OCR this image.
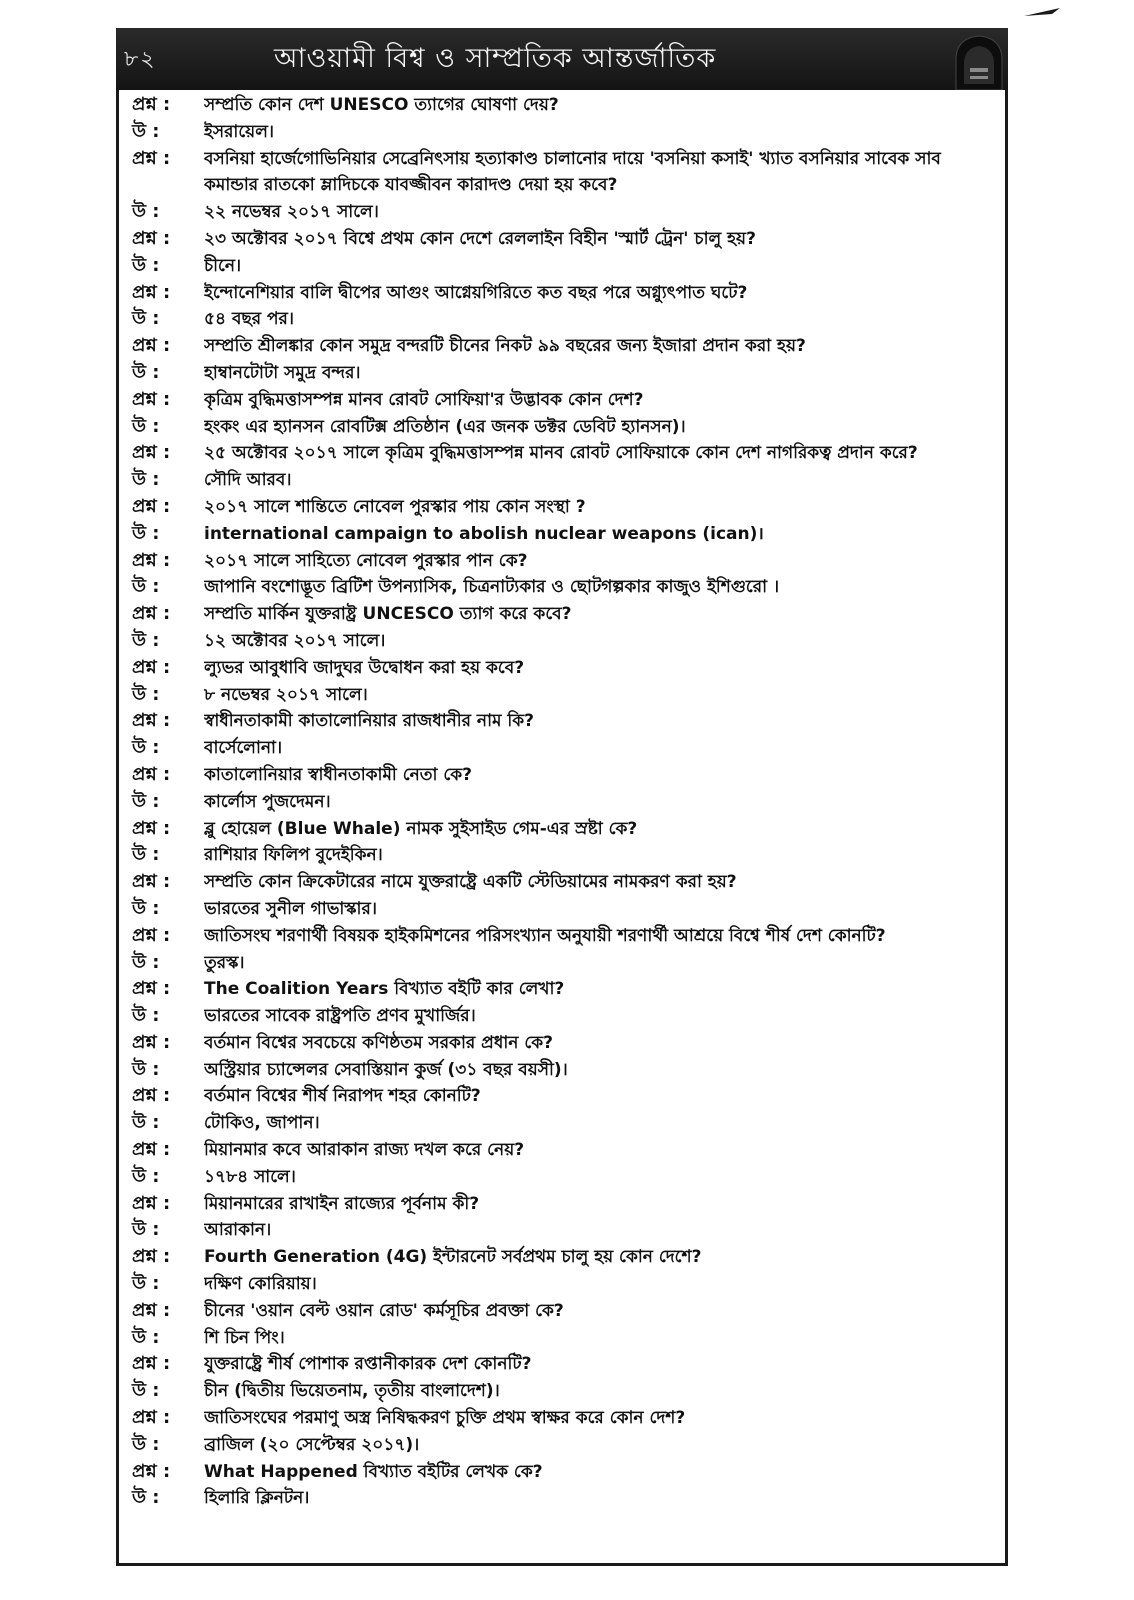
৮২	আওয়ামী বিশ্ব ও সাম্প্রতিক আন্তর্জাতিক
প্রশ্ন :	সম্প্রতি কোন দেশ UNESCO ত্যাগের ঘোষণা দেয়?
উ :	ইসরায়েল।
প্রশ্ন :	বসনিয়া হার্জেগোভিনিয়ার সেব্রেনিৎসায় হত্যাকাণ্ড চালানোর দায়ে 'বসনিয়া কসাই' খ্যাত বসনিয়ার সাবেক সাব কমান্ডার রাতকো ম্লাদিচকে যাবজ্জীবন কারাদণ্ড দেয়া হয় কবে?
উ :	২২ নভেম্বর ২০১৭ সালে।
প্রশ্ন :	২৩ অক্টোবর ২০১৭ বিশ্বে প্রথম কোন দেশে রেললাইন বিহীন 'স্মার্ট ট্রেন' চালু হয়?
উ :	চীনে।
প্রশ্ন :	ইন্দোনেশিয়ার বালি দ্বীপের আগুং আগ্নেয়গিরিতে কত বছর পরে অগ্ন্যুৎপাত ঘটে?
উ :	৫৪ বছর পর।
প্রশ্ন :	সম্প্রতি শ্রীলঙ্কার কোন সমুদ্র বন্দরটি চীনের নিকট ৯৯ বছরের জন্য ইজারা প্রদান করা হয়?
উ :	হাম্বানটোটা সমুদ্র বন্দর।
প্রশ্ন :	কৃত্রিম বুদ্ধিমত্তাসম্পন্ন মানব রোবট সোফিয়া'র উদ্ভাবক কোন দেশ?
উ :	হংকং এর হ্যানসন রোবটিক্স প্রতিষ্ঠান (এর জনক ডক্টর ডেবিট হ্যানসন)।
প্রশ্ন :	২৫ অক্টোবর ২০১৭ সালে কৃত্রিম বুদ্ধিমত্তাসম্পন্ন মানব রোবট সোফিয়াকে কোন দেশ নাগরিকত্ব প্রদান করে?
উ :	সৌদি আরব।
প্রশ্ন :	২০১৭ সালে শান্তিতে নোবেল পুরস্কার পায় কোন সংস্থা ?
উ :	international campaign to abolish nuclear weapons (ican)।
প্রশ্ন :	২০১৭ সালে সাহিত্যে নোবেল পুরস্কার পান কে?
উ :	জাপানি বংশোদ্ভূত ব্রিটিশ উপন্যাসিক, চিত্রনাট্যকার ও ছোটগল্পকার কাজুও ইশিগুরো ।
প্রশ্ন :	সম্প্রতি মার্কিন যুক্তরাষ্ট্র UNCESCO ত্যাগ করে কবে?
উ :	১২ অক্টোবর ২০১৭ সালে।
প্রশ্ন :	ল্যুভর আবুধাবি জাদুঘর উদ্বোধন করা হয় কবে?
উ :	৮ নভেম্বর ২০১৭ সালে।
প্রশ্ন :	স্বাধীনতাকামী কাতালোনিয়ার রাজধানীর নাম কি?
উ :	বার্সেলোনা।
প্রশ্ন :	কাতালোনিয়ার স্বাধীনতাকামী নেতা কে?
উ :	কার্লোস পুজদেমন।
প্রশ্ন :	ব্লু হোয়েল (Blue Whale) নামক সুইসাইড গেম-এর স্রষ্টা কে?
উ :	রাশিয়ার ফিলিপ বুদেইকিন।
প্রশ্ন :	সম্প্রতি কোন ক্রিকেটারের নামে যুক্তরাষ্ট্রে একটি স্টেডিয়ামের নামকরণ করা হয়?
উ :	ভারতের সুনীল গাভাস্কার।
প্রশ্ন :	জাতিসংঘ শরণার্থী বিষয়ক হাইকমিশনের পরিসংখ্যান অনুযায়ী শরণার্থী আশ্রয়ে বিশ্বে শীর্ষ দেশ কোনটি?
উ :	তুরস্ক।
প্রশ্ন :	The Coalition Years বিখ্যাত বইটি কার লেখা?
উ :	ভারতের সাবেক রাষ্ট্রপতি প্রণব মুখার্জির।
প্রশ্ন :	বর্তমান বিশ্বের সবচেয়ে কণিষ্ঠতম সরকার প্রধান কে?
উ :	অস্ট্রিয়ার চ্যান্সেলর সেবাস্তিয়ান কুর্জ (৩১ বছর বয়সী)।
প্রশ্ন :	বর্তমান বিশ্বের শীর্ষ নিরাপদ শহর কোনটি?
উ :	টোকিও, জাপান।
প্রশ্ন :	মিয়ানমার কবে আরাকান রাজ্য দখল করে নেয়?
উ :	১৭৮৪ সালে।
প্রশ্ন :	মিয়ানমারের রাখাইন রাজ্যের পূর্বনাম কী?
উ :	আরাকান।
প্রশ্ন :	Fourth Generation (4G) ইন্টারনেট সর্বপ্রথম চালু হয় কোন দেশে?
উ :	দক্ষিণ কোরিয়ায়।
প্রশ্ন :	চীনের 'ওয়ান বেল্ট ওয়ান রোড' কর্মসূচির প্রবক্তা কে?
উ :	শি চিন পিং।
প্রশ্ন :	যুক্তরাষ্ট্রে শীর্ষ পোশাক রপ্তানীকারক দেশ কোনটি?
উ :	চীন (দ্বিতীয় ভিয়েতনাম, তৃতীয় বাংলাদেশ)।
প্রশ্ন :	জাতিসংঘের পরমাণু অস্ত্র নিষিদ্ধকরণ চুক্তি প্রথম স্বাক্ষর করে কোন দেশ?
উ :	ব্রাজিল (২০ সেপ্টেম্বর ২০১৭)।
প্রশ্ন :	What Happened বিখ্যাত বইটির লেখক কে?
উ :	হিলারি ক্লিনটন।
